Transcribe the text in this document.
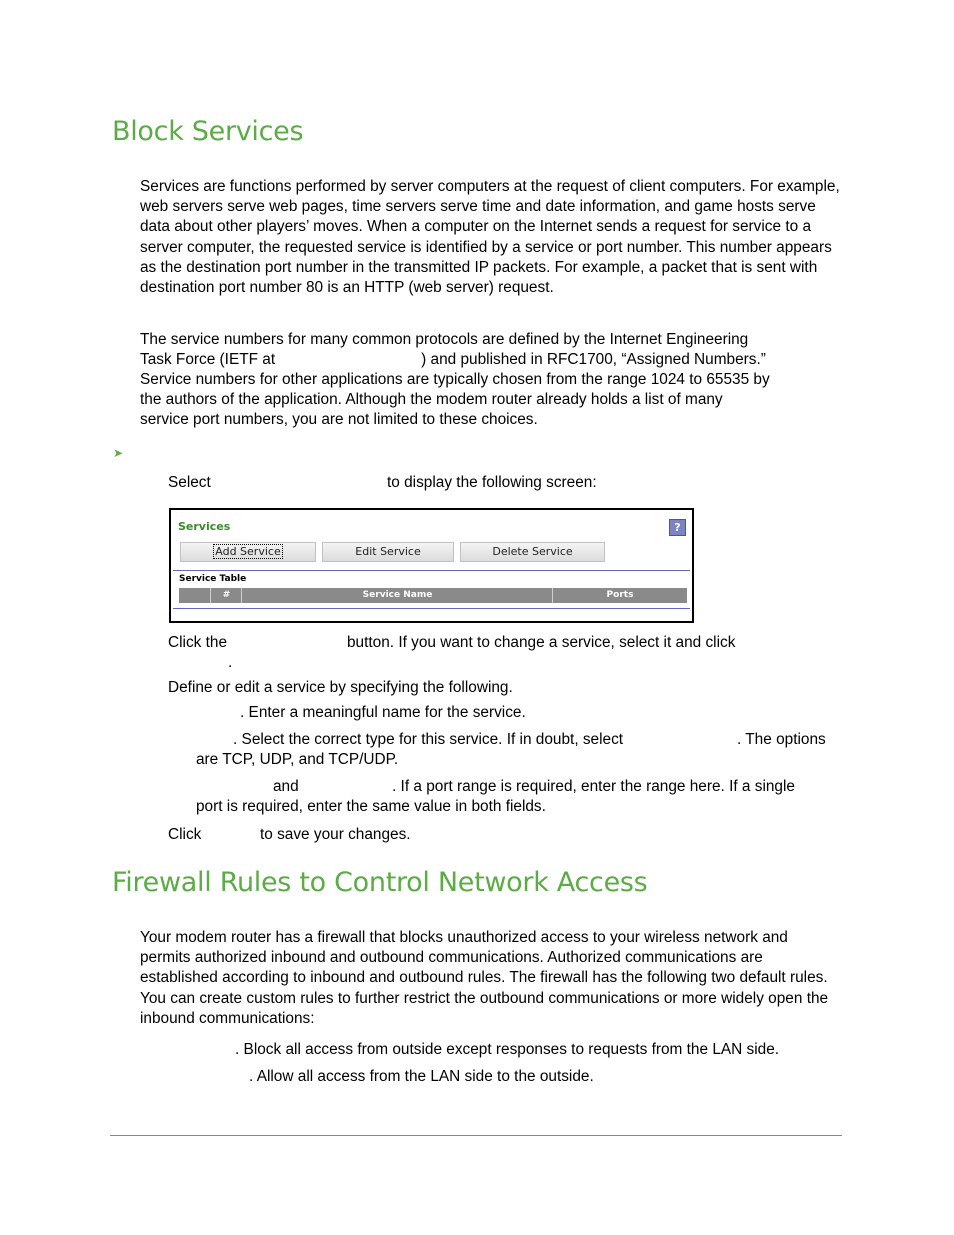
Block Services

Services are functions performed by server computers at the request of client computers. For example, web servers serve web pages, time servers serve time and date information, and game hosts serve data about other players’ moves. When a computer on the Internet sends a request for service to a server computer, the requested service is identified by a service or port number. This number appears as the destination port number in the transmitted IP packets. For example, a packet that is sent with destination port number 80 is an HTTP (web server) request.

The service numbers for many common protocols are defined by the Internet Engineering
Task Force (IETF at	) and published in RFC1700, “Assigned Numbers.”
Service numbers for other applications are typically chosen from the range 1024 to 65535 by
the authors of the application. Although the modem router already holds a list of many
service port numbers, you are not limited to these choices.
➤
Select	to display the following screen:
Services	?
Add Service	Edit Service	Delete Service
Service Table
#	Service Name	Ports
Click the	button. If you want to change a service, select it and click
.
Define or edit a service by specifying the following.
. Enter a meaningful name for the service.
. Select the correct type for this service. If in doubt, select	. The options
are TCP, UDP, and TCP/UDP.
and	. If a port range is required, enter the range here. If a single
port is required, enter the same value in both fields.
Click	to save your changes.
Firewall Rules to Control Network Access

Your modem router has a firewall that blocks unauthorized access to your wireless network and permits authorized inbound and outbound communications. Authorized communications are established according to inbound and outbound rules. The firewall has the following two default rules. You can create custom rules to further restrict the outbound communications or more widely open the inbound communications:

. Block all access from outside except responses to requests from the LAN side.
. Allow all access from the LAN side to the outside.
